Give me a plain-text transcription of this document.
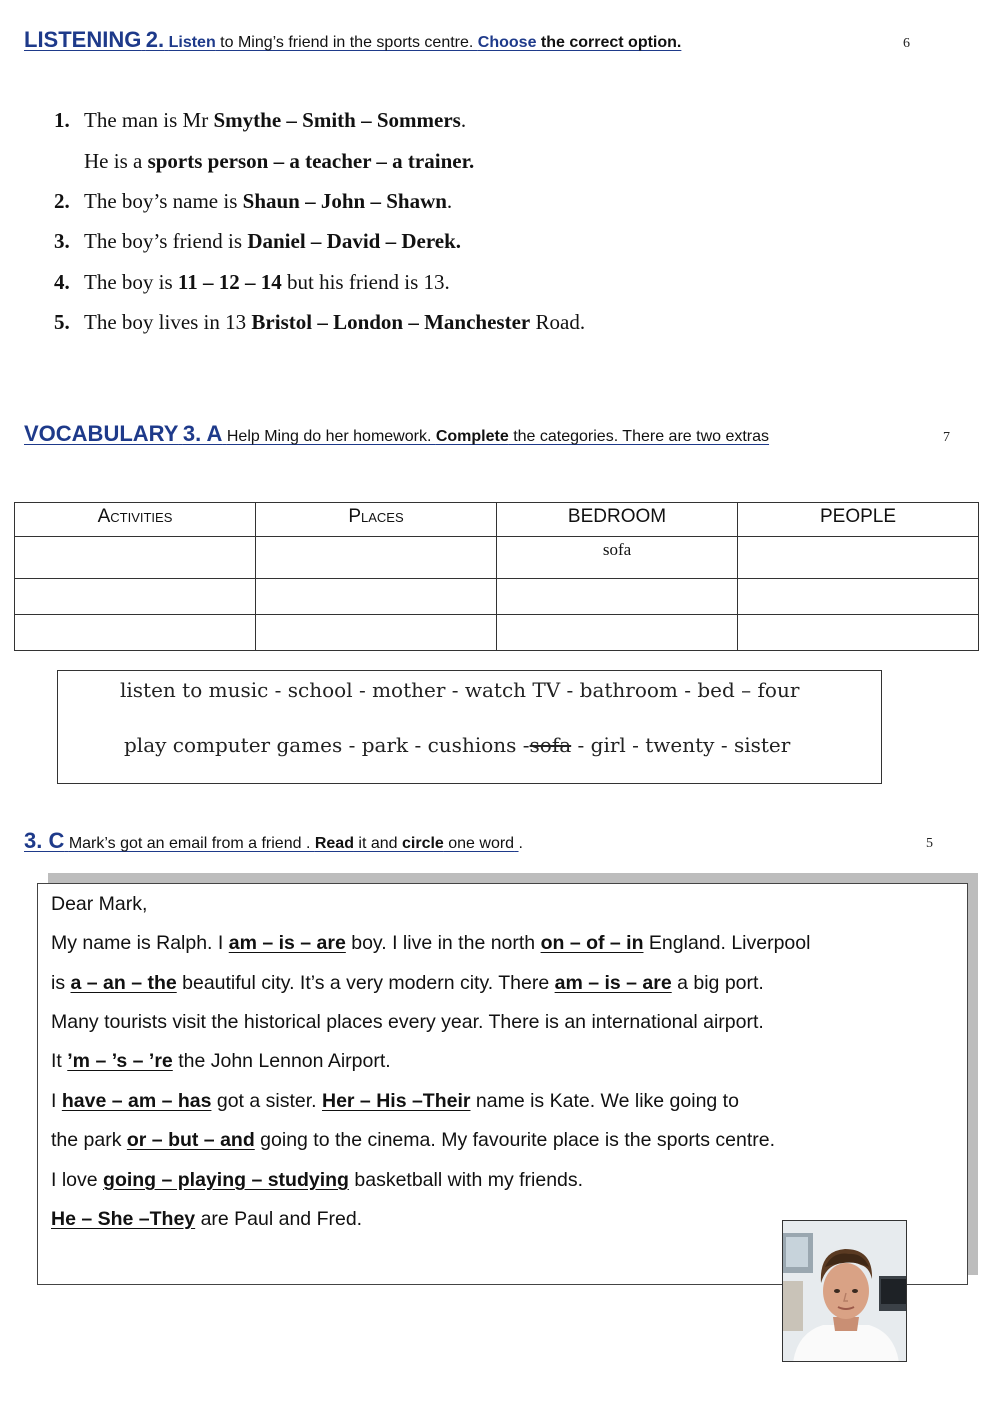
LISTENING 2. Listen to Ming’s friend in the sports centre. Choose the correct option.	6
1. The man is Mr Smythe – Smith – Sommers.
He is a sports person – a teacher – a trainer.
2. The boy’s name is Shaun – John – Shawn.
3. The boy’s friend is Daniel – David – Derek.
4. The boy is 11 – 12 – 14 but his friend is 13.
5. The boy lives in 13 Bristol – London – Manchester Road.
VOCABULARY 3. A Help Ming do her homework. Complete the categories. There are two extras	7
Activities	Places	BEDROOM	PEOPLE
		sofa	

listen to music - school - mother - watch TV - bathroom - bed – four
play computer games - park - cushions -sofa - girl - twenty - sister
3. C Mark’s got an email from a friend . Read it and circle one word .	5
Dear Mark,
My name is Ralph. I am – is – are boy. I live in the north on – of – in England. Liverpool
is a – an – the beautiful city. It’s a very modern city. There am – is – are a big port.
Many tourists visit the historical places every year. There is an international airport.
It ’m – ’s – ’re the John Lennon Airport.
I have – am – has got a sister. Her – His –Their name is Kate. We like going to
the park or – but – and going to the cinema. My favourite place is the sports centre.
I love going – playing – studying basketball with my friends.
He – She –They are Paul and Fred.
